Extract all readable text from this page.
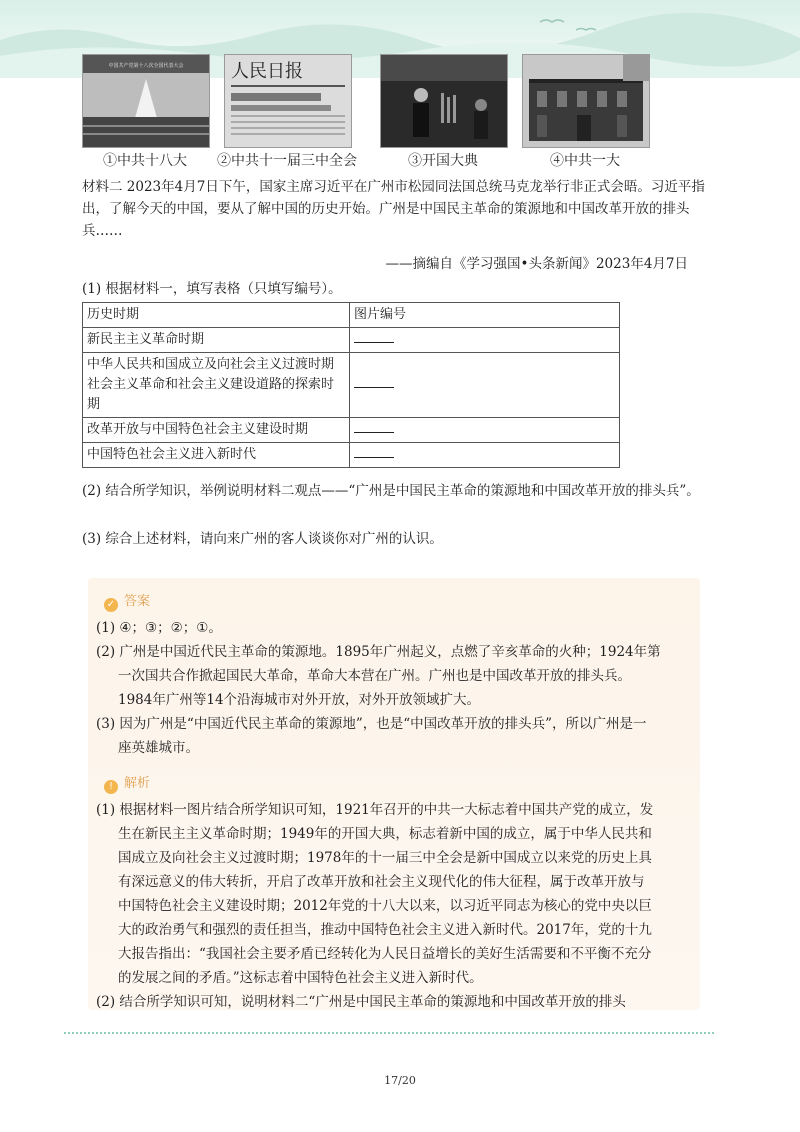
中国共产党第十八次全国代表大会	人民日报
①中共十八大	②中共十一届三中全会	③开国大典	④中共一大
材料二 2023年4月7日下午，国家主席习近平在广州市松园同法国总统马克龙举行非正式会晤。习近平指出，了解今天的中国，要从了解中国的历史开始。广州是中国民主革命的策源地和中国改革开放的排头兵……
——摘编自《学习强国•头条新闻》2023年4月7日
(1) 根据材料一，填写表格（只填写编号）。
历史时期	图片编号
新民主主义革命时期	
中华人民共和国成立及向社会主义过渡时期社会主义革命和社会主义建设道路的探索时期	
改革开放与中国特色社会主义建设时期	
中国特色社会主义进入新时代	
(2) 结合所学知识，举例说明材料二观点——“广州是中国民主革命的策源地和中国改革开放的排头兵”。
(3) 综合上述材料，请向来广州的客人谈谈你对广州的认识。
✓ 答案
(1) ④；③；②；①。
(2) 广州是中国近代民主革命的策源地。1895年广州起义，点燃了辛亥革命的火种；1924年第
一次国共合作掀起国民大革命，革命大本营在广州。广州也是中国改革开放的排头兵。
1984年广州等14个沿海城市对外开放，对外开放领域扩大。
(3) 因为广州是“中国近代民主革命的策源地”，也是“中国改革开放的排头兵”，所以广州是一
座英雄城市。
! 解析
(1) 根据材料一图片结合所学知识可知，1921年召开的中共一大标志着中国共产党的成立，发
生在新民主主义革命时期；1949年的开国大典，标志着新中国的成立，属于中华人民共和
国成立及向社会主义过渡时期；1978年的十一届三中全会是新中国成立以来党的历史上具
有深远意义的伟大转折，开启了改革开放和社会主义现代化的伟大征程，属于改革开放与
中国特色社会主义建设时期；2012年党的十八大以来，以习近平同志为核心的党中央以巨
大的政治勇气和强烈的责任担当，推动中国特色社会主义进入新时代。2017年，党的十九
大报告指出：“我国社会主要矛盾已经转化为人民日益增长的美好生活需要和不平衡不充分
的发展之间的矛盾。”这标志着中国特色社会主义进入新时代。
(2) 结合所学知识可知，说明材料二“广州是中国民主革命的策源地和中国改革开放的排头
17/20
